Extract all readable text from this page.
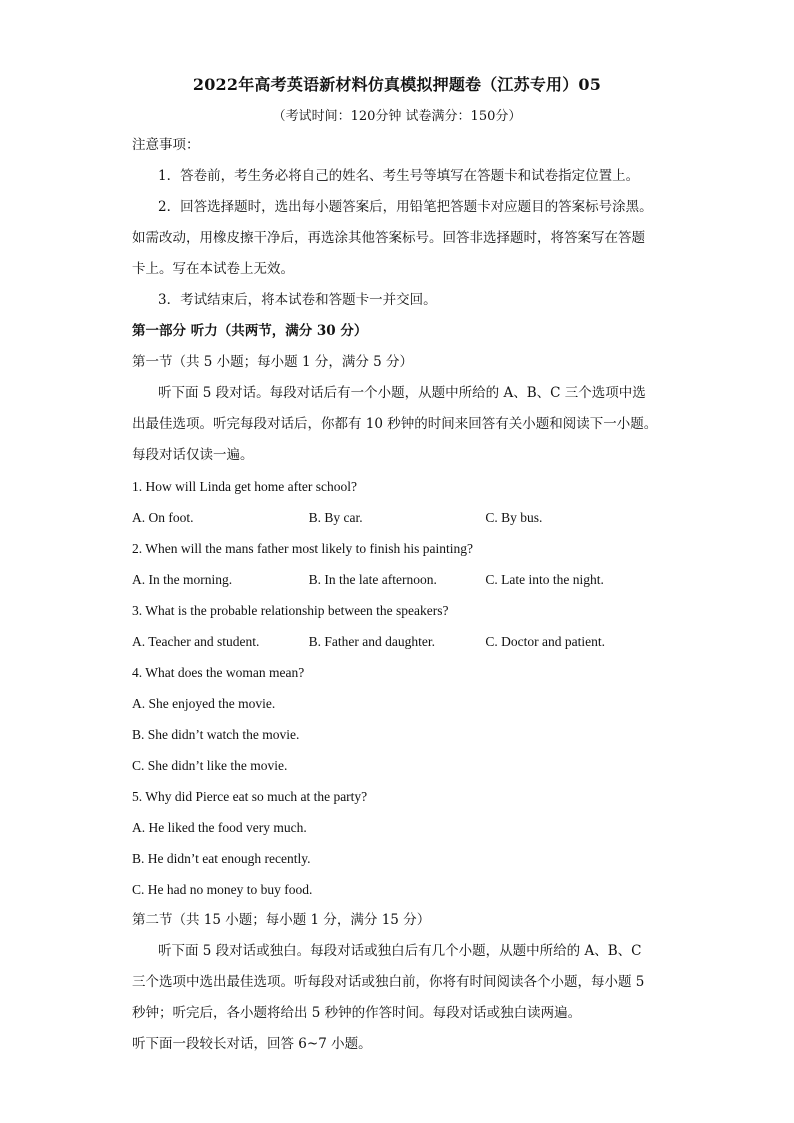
2022年高考英语新材料仿真模拟押题卷（江苏专用）05
（考试时间：120分钟 试卷满分：150分）
注意事项：
1．答卷前，考生务必将自己的姓名、考生号等填写在答题卡和试卷指定位置上。
2．回答选择题时，选出每小题答案后，用铅笔把答题卡对应题目的答案标号涂黑。
如需改动，用橡皮擦干净后，再选涂其他答案标号。回答非选择题时，将答案写在答题
卡上。写在本试卷上无效。
3．考试结束后，将本试卷和答题卡一并交回。
第一部分 听力（共两节，满分 30 分）
第一节（共 5 小题；每小题 1 分，满分 5 分）
听下面 5 段对话。每段对话后有一个小题，从题中所给的 A、B、C 三个选项中选
出最佳选项。听完每段对话后，你都有 10 秒钟的时间来回答有关小题和阅读下一小题。
每段对话仅读一遍。
1. How will Linda get home after school?
A. On foot.	B. By car.	C. By bus.
2. When will the mans father most likely to finish his painting?
A. In the morning.	B. In the late afternoon.	C. Late into the night.
3. What is the probable relationship between the speakers?
A. Teacher and student.	B. Father and daughter.	C. Doctor and patient.
4. What does the woman mean?
A. She enjoyed the movie.
B. She didn’t watch the movie.
C. She didn’t like the movie.
5. Why did Pierce eat so much at the party?
A. He liked the food very much.
B. He didn’t eat enough recently.
C. He had no money to buy food.
第二节（共 15 小题；每小题 1 分，满分 15 分）
听下面 5 段对话或独白。每段对话或独白后有几个小题，从题中所给的 A、B、C
三个选项中选出最佳选项。听每段对话或独白前，你将有时间阅读各个小题，每小题 5
秒钟；听完后，各小题将给出 5 秒钟的作答时间。每段对话或独白读两遍。
听下面一段较长对话，回答 6~7 小题。
